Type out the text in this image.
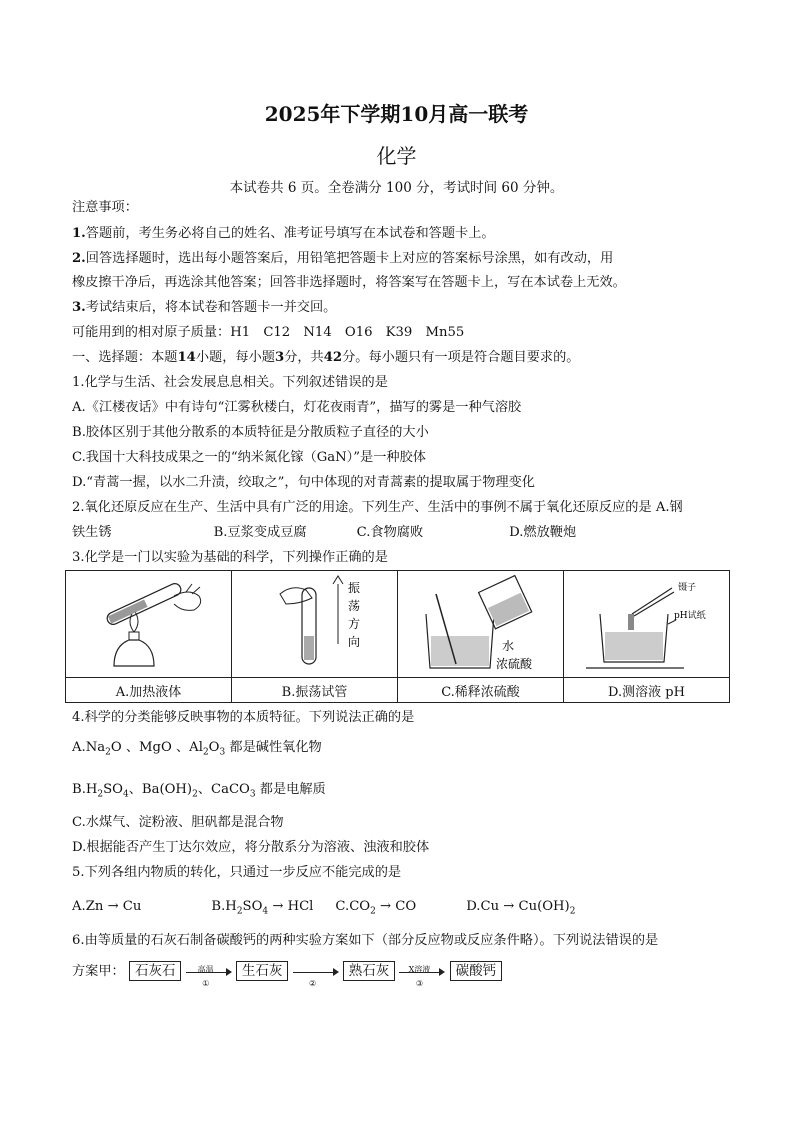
2025年下学期10月高一联考
化学
本试卷共 6 页。全卷满分 100 分，考试时间 60 分钟。
注意事项：
1.答题前，考生务必将自己的姓名、准考证号填写在本试卷和答题卡上。
2.回答选择题时，选出每小题答案后，用铅笔把答题卡上对应的答案标号涂黑，如有改动，用
橡皮擦干净后，再选涂其他答案；回答非选择题时，将答案写在答题卡上，写在本试卷上无效。
3.考试结束后，将本试卷和答题卡一并交回。
可能用到的相对原子质量：H1　C12　N14　O16　K39　Mn55
一、选择题：本题14小题，每小题3分，共42分。每小题只有一项是符合题目要求的。
1.化学与生活、社会发展息息相关。下列叙述错误的是
A.《江楼夜话》中有诗句“江雾秋楼白，灯花夜雨青”，描写的雾是一种气溶胶
B.胶体区别于其他分散系的本质特征是分散质粒子直径的大小
C.我国十大科技成果之一的“纳米氮化镓（GaN）”是一种胶体
D.“青蒿一握，以水二升渍，绞取之”，句中体现的对青蒿素的提取属于物理变化
2.氧化还原反应在生产、生活中具有广泛的用途。下列生产、生活中的事例不属于氧化还原反应的是 A.钢
铁生锈	B.豆浆变成豆腐	C.食物腐败	D.燃放鞭炮
3.化学是一门以实验为基础的科学，下列操作正确的是

振
荡
方
向	水
浓硫酸	镊子
pH试纸

A.加热液体	B.振荡试管	C.稀释浓硫酸	D.测溶液 pH
4.科学的分类能够反映事物的本质特征。下列说法正确的是
$A.Na_2O$ 、MgO 、$Al_2O_3$ 都是碱性氧化物
$B.H_2SO_4$、$Ba(OH)_2$、CaCO$_3$ 都是电解质
C.水煤气、淀粉液、胆矾都是混合物
D.根据能否产生丁达尔效应，将分散系分为溶液、浊液和胶体
5.下列各组内物质的转化，只通过一步反应不能完成的是
A.Zn → Cu	$B.H_2SO_4$ → HCl $C.CO_2$ → CO	$D.Cu \to Cu(OH)_2$
6.由等质量的石灰石制备碳酸钙的两种实验方案如下（部分反应物或反应条件略）。下列说法错误的是
方案甲： 石灰石	高温
①
生石灰
②
熟石灰	X溶液
③
碳酸钙
